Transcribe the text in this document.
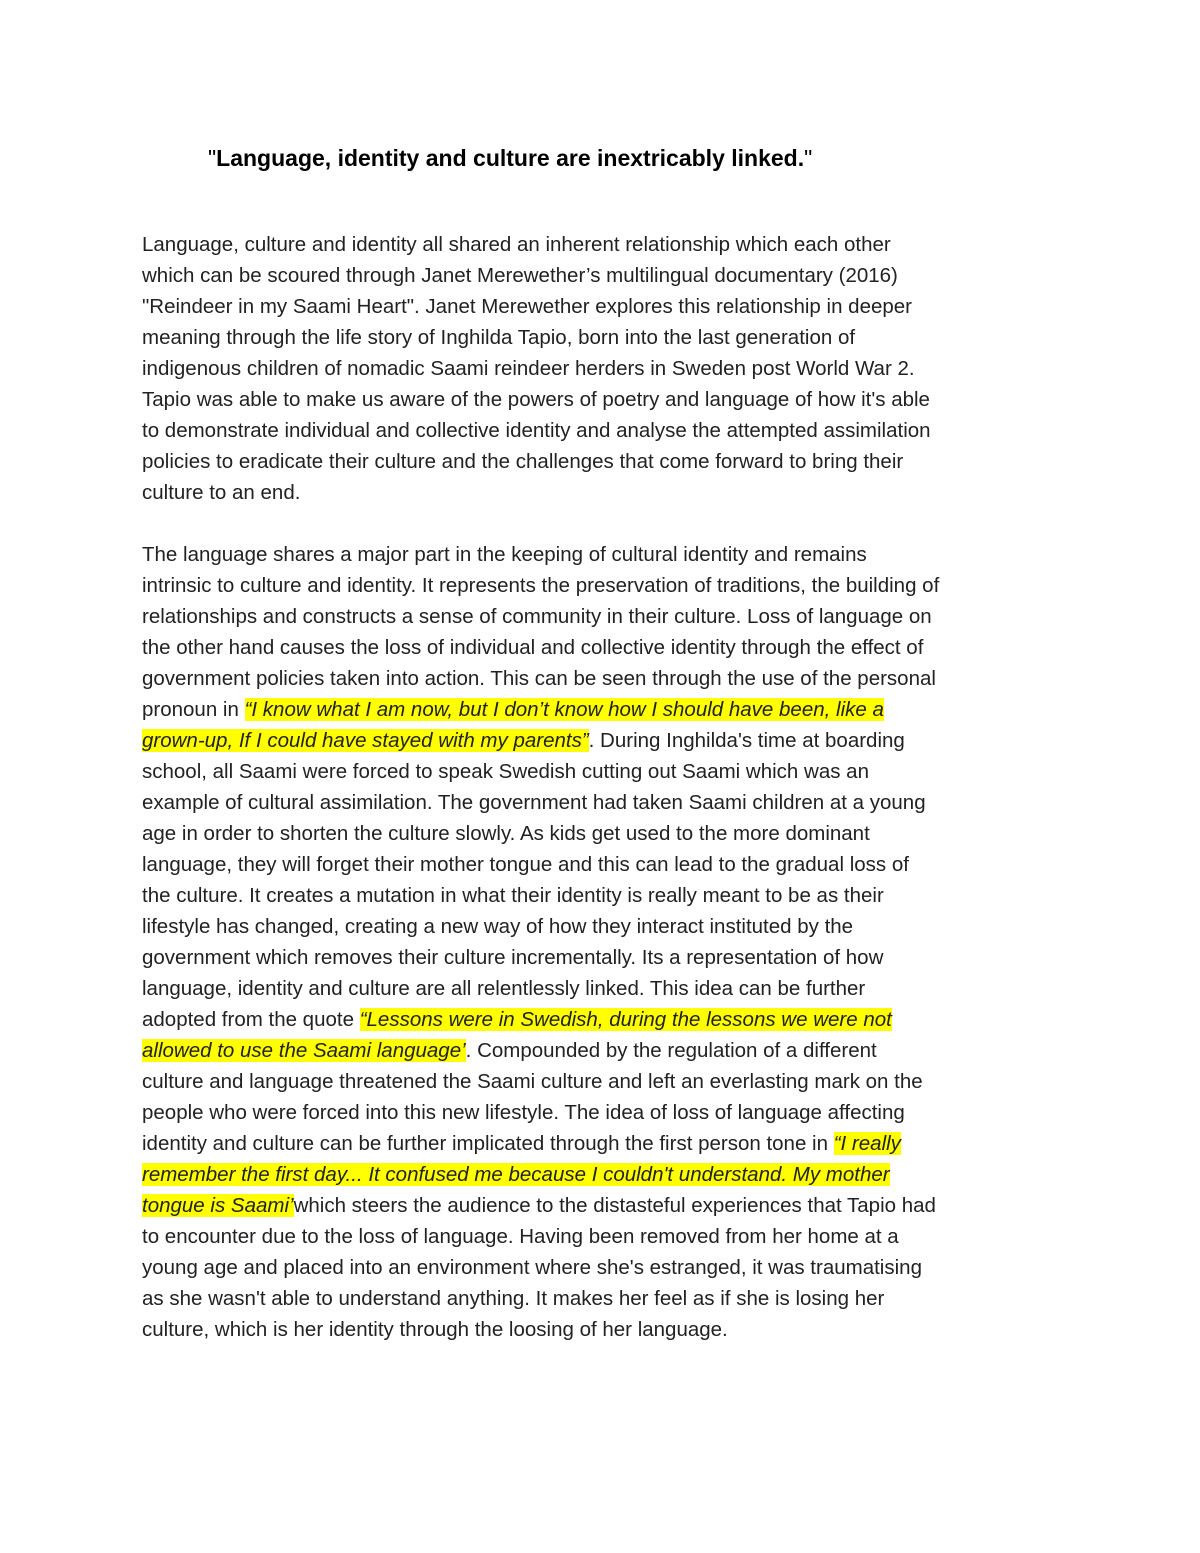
"Language, identity and culture are inextricably linked."
Language, culture and identity all shared an inherent relationship which each other
which can be scoured through Janet Merewether’s multilingual documentary (2016)
"Reindeer in my Saami Heart". Janet Merewether explores this relationship in deeper
meaning through the life story of Inghilda Tapio, born into the last generation of
indigenous children of nomadic Saami reindeer herders in Sweden post World War 2.
Tapio was able to make us aware of the powers of poetry and language of how it's able
to demonstrate individual and collective identity and analyse the attempted assimilation
policies to eradicate their culture and the challenges that come forward to bring their
culture to an end.
The language shares a major part in the keeping of cultural identity and remains
intrinsic to culture and identity. It represents the preservation of traditions, the building of
relationships and constructs a sense of community in their culture. Loss of language on
the other hand causes the loss of individual and collective identity through the effect of
government policies taken into action. This can be seen through the use of the personal
pronoun in “I know what I am now, but I don’t know how I should have been, like a
grown-up, If I could have stayed with my parents”. During Inghilda's time at boarding
school, all Saami were forced to speak Swedish cutting out Saami which was an
example of cultural assimilation. The government had taken Saami children at a young
age in order to shorten the culture slowly. As kids get used to the more dominant
language, they will forget their mother tongue and this can lead to the gradual loss of
the culture. It creates a mutation in what their identity is really meant to be as their
lifestyle has changed, creating a new way of how they interact instituted by the
government which removes their culture incrementally. Its a representation of how
language, identity and culture are all relentlessly linked. This idea can be further
adopted from the quote “Lessons were in Swedish, during the lessons we were not
allowed to use the Saami language’. Compounded by the regulation of a different
culture and language threatened the Saami culture and left an everlasting mark on the
people who were forced into this new lifestyle. The idea of loss of language affecting
identity and culture can be further implicated through the first person tone in “I really
remember the first day... It confused me because I couldn't understand. My mother
tongue is Saami’which steers the audience to the distasteful experiences that Tapio had
to encounter due to the loss of language. Having been removed from her home at a
young age and placed into an environment where she's estranged, it was traumatising
as she wasn't able to understand anything. It makes her feel as if she is losing her
culture, which is her identity through the loosing of her language.
